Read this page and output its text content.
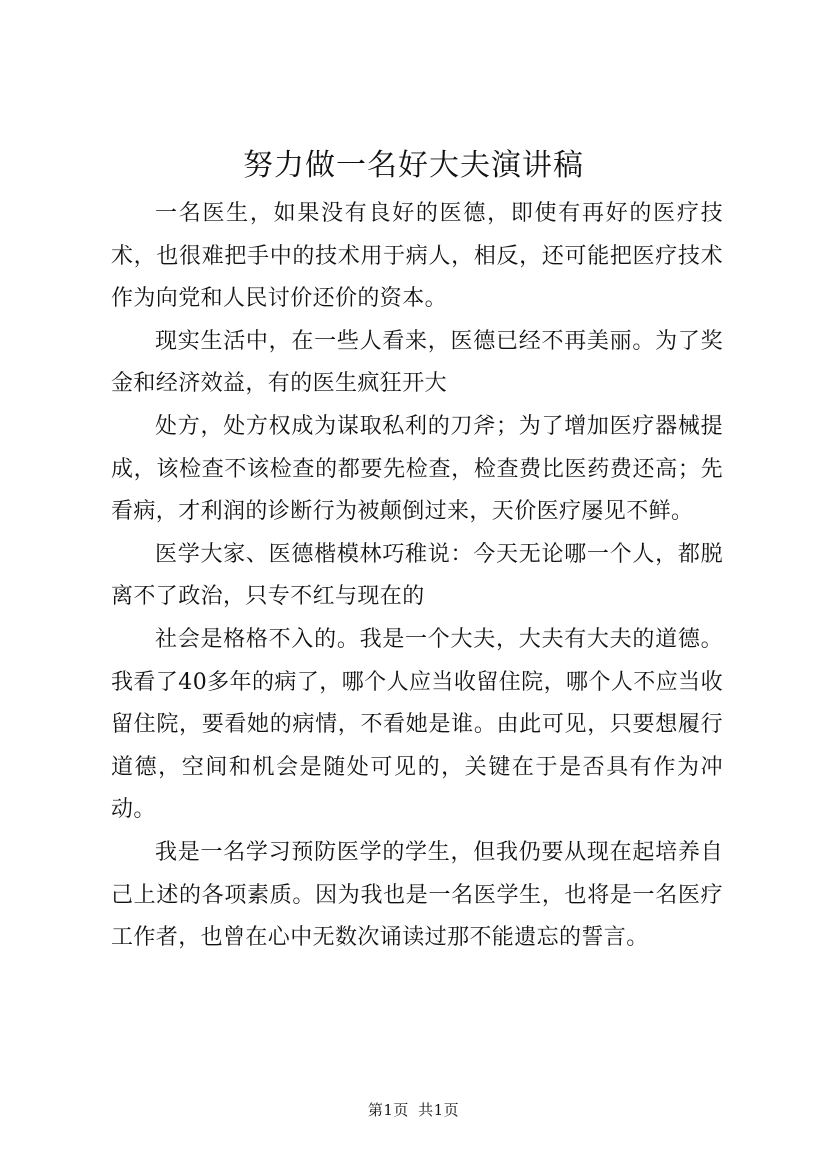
努力做一名好大夫演讲稿

一名医生，如果没有良好的医德，即使有再好的医疗技术，也很难把手中的技术用于病人，相反，还可能把医疗技术作为向党和人民讨价还价的资本。

现实生活中，在一些人看来，医德已经不再美丽。为了奖金和经济效益，有的医生疯狂开大

处方，处方权成为谋取私利的刀斧；为了增加医疗器械提成，该检查不该检查的都要先检查，检查费比医药费还高；先看病，才利润的诊断行为被颠倒过来，天价医疗屡见不鲜。

医学大家、医德楷模林巧稚说：今天无论哪一个人，都脱离不了政治，只专不红与现在的

社会是格格不入的。我是一个大夫，大夫有大夫的道德。我看了40多年的病了，哪个人应当收留住院，哪个人不应当收留住院，要看她的病情，不看她是谁。由此可见，只要想履行道德，空间和机会是随处可见的，关键在于是否具有作为冲动。

我是一名学习预防医学的学生，但我仍要从现在起培养自己上述的各项素质。因为我也是一名医学生，也将是一名医疗工作者，也曾在心中无数次诵读过那不能遗忘的誓言。

第1页 共1页
